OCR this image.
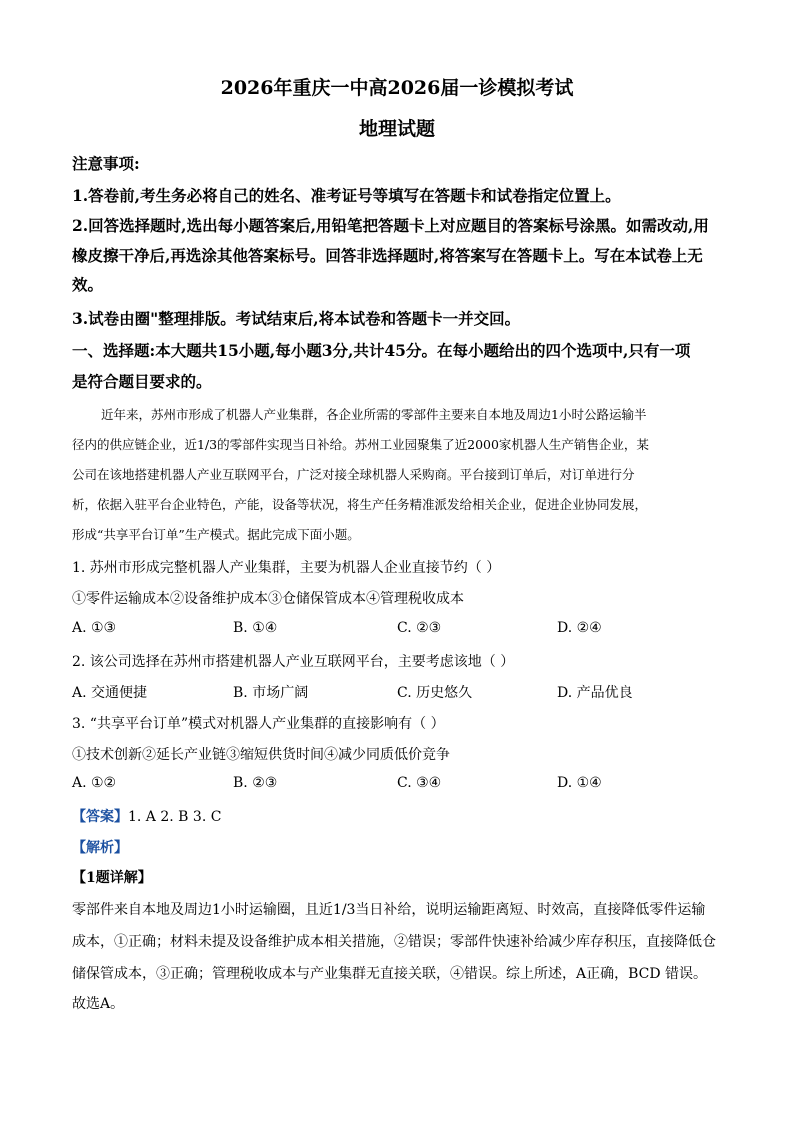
2026年重庆一中高2026届一诊模拟考试
地理试题
注意事项:
1.答卷前,考生务必将自己的姓名、准考证号等填写在答题卡和试卷指定位置上。
2.回答选择题时,选出每小题答案后,用铅笔把答题卡上对应题目的答案标号涂黑。如需改动,用
橡皮擦干净后,再选涂其他答案标号。回答非选择题时,将答案写在答题卡上。写在本试卷上无
效。
3.试卷由圈"整理排版。考试结束后,将本试卷和答题卡一并交回。
一、选择题:本大题共15小题,每小题3分,共计45分。在每小题给出的四个选项中,只有一项
是符合题目要求的。
近年来，苏州市形成了机器人产业集群，各企业所需的零部件主要来自本地及周边1小时公路运输半
径内的供应链企业，近1/3的零部件实现当日补给。苏州工业园聚集了近2000家机器人生产销售企业，某
公司在该地搭建机器人产业互联网平台，广泛对接全球机器人采购商。平台接到订单后，对订单进行分
析，依据入驻平台企业特色，产能，设备等状况，将生产任务精准派发给相关企业，促进企业协同发展，
形成“共享平台订单”生产模式。据此完成下面小题。
1. 苏州市形成完整机器人产业集群，主要为机器人企业直接节约（ ）
①零件运输成本②设备维护成本③仓储保管成本④管理税收成本
A. ①③	B. ①④	C. ②③	D. ②④
2. 该公司选择在苏州市搭建机器人产业互联网平台，主要考虑该地（ ）
A. 交通便捷	B. 市场广阔	C. 历史悠久	D. 产品优良
3. “共享平台订单”模式对机器人产业集群的直接影响有（ ）
①技术创新②延长产业链③缩短供货时间④减少同质低价竞争
A. ①②	B. ②③	C. ③④	D. ①④
【答案】1. A 2. B 3. C
【解析】
【1题详解】
零部件来自本地及周边1小时运输圈，且近1/3当日补给，说明运输距离短、时效高，直接降低零件运输
成本，①正确；材料未提及设备维护成本相关措施，②错误；零部件快速补给减少库存积压，直接降低仓
储保管成本，③正确；管理税收成本与产业集群无直接关联，④错误。综上所述，A正确，BCD 错误。
故选A。
